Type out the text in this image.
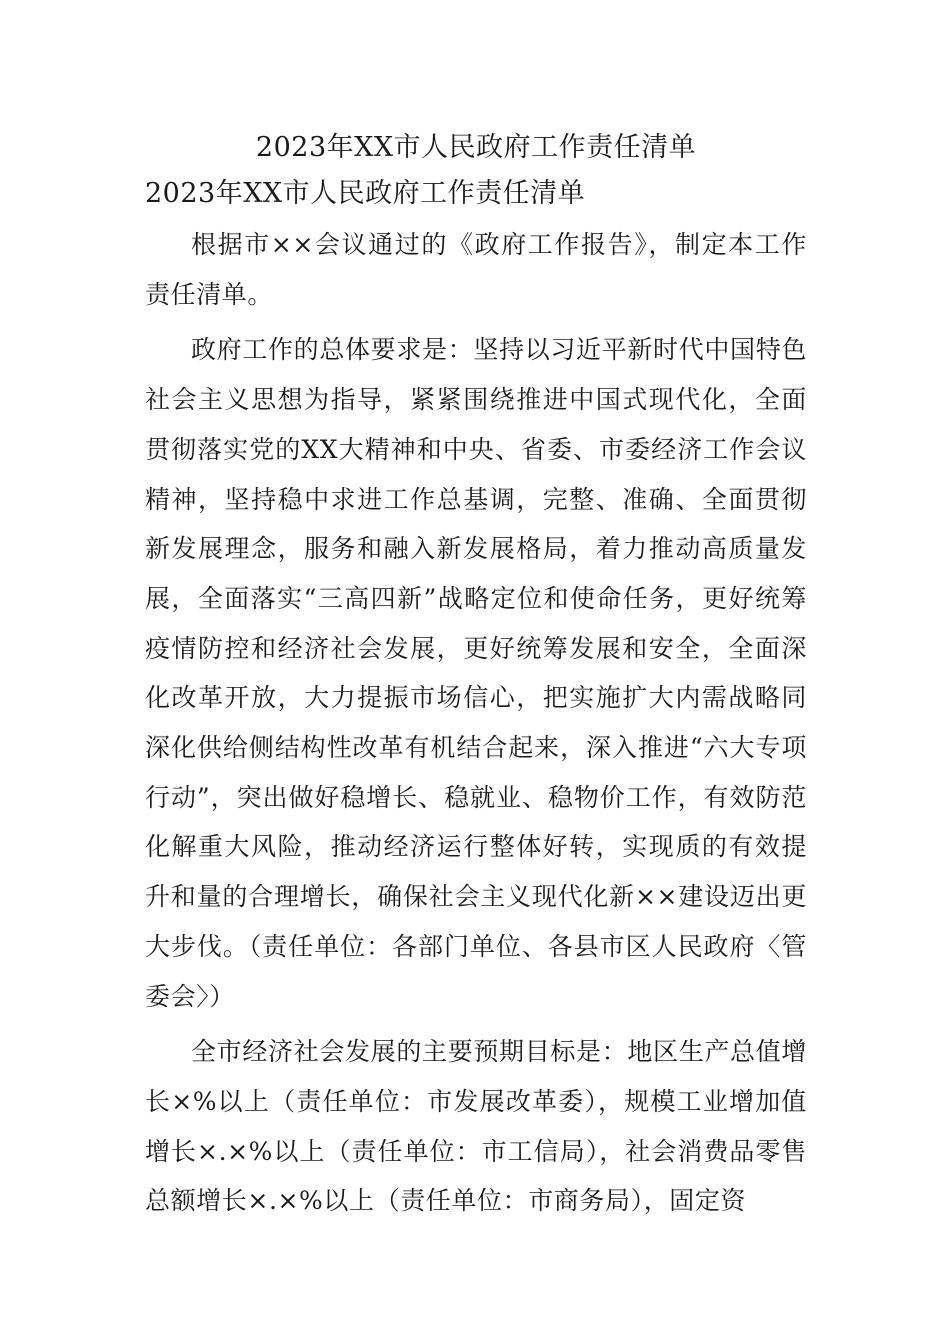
2023年XX市人民政府工作责任清单
2023年XX市人民政府工作责任清单

根据市××会议通过的《政府工作报告》，制定本工作责任清单。

政府工作的总体要求是：坚持以习近平新时代中国特色社会主义思想为指导，紧紧围绕推进中国式现代化，全面贯彻落实党的XX大精神和中央、省委、市委经济工作会议精神，坚持稳中求进工作总基调，完整、准确、全面贯彻新发展理念，服务和融入新发展格局，着力推动高质量发展，全面落实“三高四新”战略定位和使命任务，更好统筹疫情防控和经济社会发展，更好统筹发展和安全，全面深化改革开放，大力提振市场信心，把实施扩大内需战略同深化供给侧结构性改革有机结合起来，深入推进“六大专项行动”，突出做好稳增长、稳就业、稳物价工作，有效防范化解重大风险，推动经济运行整体好转，实现质的有效提升和量的合理增长，确保社会主义现代化新××建设迈出更大步伐。（责任单位：各部门单位、各县市区人民政府〈管委会〉）

全市经济社会发展的主要预期目标是：地区生产总值增长×%以上（责任单位：市发展改革委），规模工业增加值增长×.×%以上（责任单位：市工信局），社会消费品零售总额增长×.×%以上（责任单位：市商务局），固定资
